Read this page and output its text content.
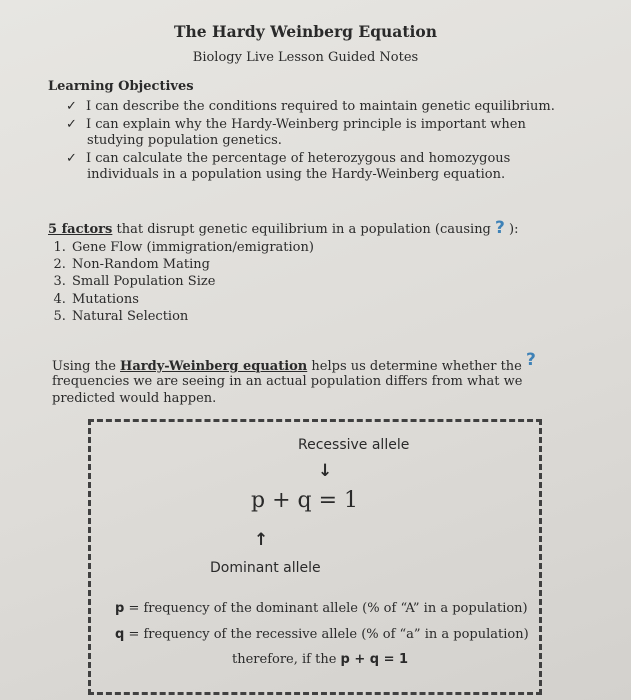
The Hardy Weinberg Equation
Biology Live Lesson Guided Notes
Learning Objectives
✓ I can describe the conditions required to maintain genetic equilibrium.
✓ I can explain why the Hardy-Weinberg principle is important when
studying population genetics.
✓ I can calculate the percentage of heterozygous and homozygous
individuals in a population using the Hardy-Weinberg equation.
5 factors that disrupt genetic equilibrium in a population (causing ? ):
1. Gene Flow (immigration/emigration)
2. Non-Random Mating
3. Small Population Size
4. Mutations
5. Natural Selection
Using the Hardy-Weinberg equation helps us determine whether the ?
frequencies we are seeing in an actual population differs from what we
predicted would happen.
Recessive allele
↓
p + q = 1
↑
Dominant allele
p = frequency of the dominant allele (% of “A” in a population)
q = frequency of the recessive allele (% of “a” in a population)
therefore, if the p + q = 1
